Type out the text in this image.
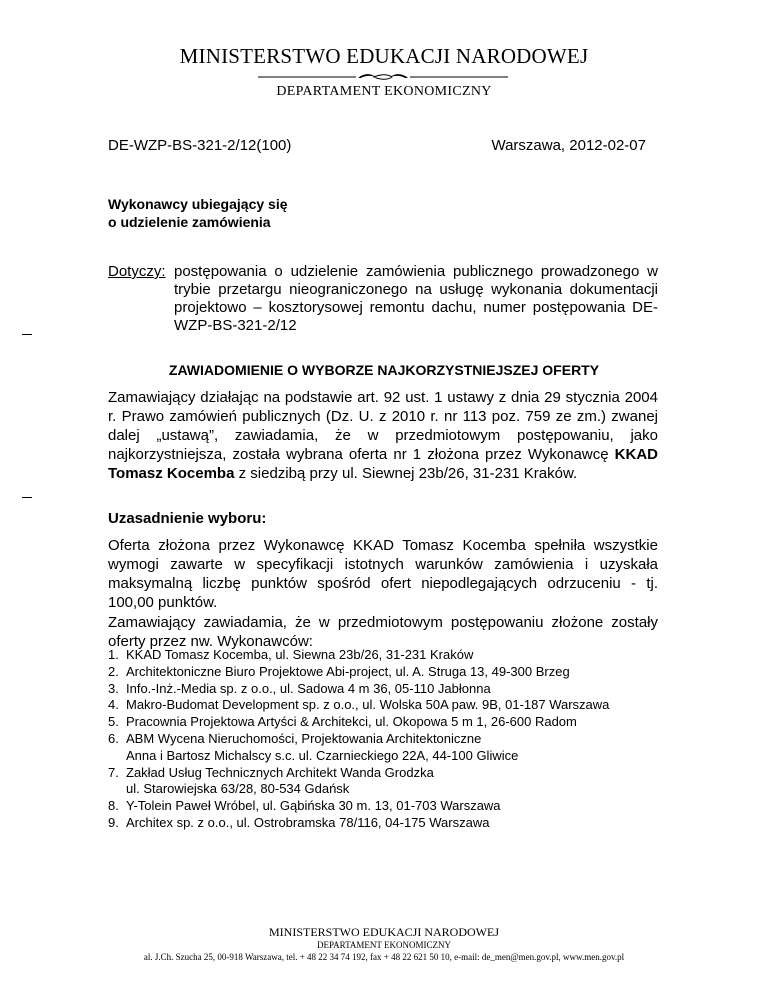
MINISTERSTWO EDUKACJI NARODOWEJ
DEPARTAMENT EKONOMICZNY
DE-WZP-BS-321-2/12(100)	Warszawa, 2012-02-07
Wykonawcy ubiegający się
o udzielenie zamówienia
Dotyczy: postępowania o udzielenie zamówienia publicznego prowadzonego w trybie przetargu nieograniczonego na usługę wykonania dokumentacji projektowo – kosztorysowej remontu dachu, numer postępowania DE-WZP-BS-321-2/12
ZAWIADOMIENIE O WYBORZE NAJKORZYSTNIEJSZEJ OFERTY
Zamawiający działając na podstawie art. 92 ust. 1 ustawy z dnia 29 stycznia 2004 r. Prawo zamówień publicznych (Dz. U. z 2010 r. nr 113 poz. 759 ze zm.) zwanej dalej „ustawą”, zawiadamia, że w przedmiotowym postępowaniu, jako najkorzystniejsza, została wybrana oferta nr 1 złożona przez Wykonawcę KKAD Tomasz Kocemba z siedzibą przy ul. Siewnej 23b/26, 31-231 Kraków.
Uzasadnienie wyboru:
Oferta złożona przez Wykonawcę KKAD Tomasz Kocemba spełniła wszystkie wymogi zawarte w specyfikacji istotnych warunków zamówienia i uzyskała maksymalną liczbę punktów spośród ofert niepodlegających odrzuceniu - tj. 100,00 punktów.
Zamawiający zawiadamia, że w przedmiotowym postępowaniu złożone zostały oferty przez nw. Wykonawców:
1. KKAD Tomasz Kocemba, ul. Siewna 23b/26, 31-231 Kraków
2. Architektoniczne Biuro Projektowe Abi-project, ul. A. Struga 13, 49-300 Brzeg
3. Info.-Inż.-Media sp. z o.o., ul. Sadowa 4 m 36, 05-110 Jabłonna
4. Makro-Budomat Development sp. z o.o., ul. Wolska 50A paw. 9B, 01-187 Warszawa
5. Pracownia Projektowa Artyści & Architekci, ul. Okopowa 5 m 1, 26-600 Radom
6. ABM Wycena Nieruchomości, Projektowania Architektoniczne
Anna i Bartosz Michalscy s.c. ul. Czarnieckiego 22A, 44-100 Gliwice
7. Zakład Usług Technicznych Architekt Wanda Grodzka
ul. Starowiejska 63/28, 80-534 Gdańsk
8. Y-Tolein Paweł Wróbel, ul. Gąbińska 30 m. 13, 01-703 Warszawa
9. Architex sp. z o.o., ul. Ostrobramska 78/116, 04-175 Warszawa
MINISTERSTWO EDUKACJI NARODOWEJ
DEPARTAMENT EKONOMICZNY
al. J.Ch. Szucha 25, 00-918 Warszawa, tel. + 48 22 34 74 192, fax + 48 22 621 50 10, e-mail: de_men@men.gov.pl, www.men.gov.pl
